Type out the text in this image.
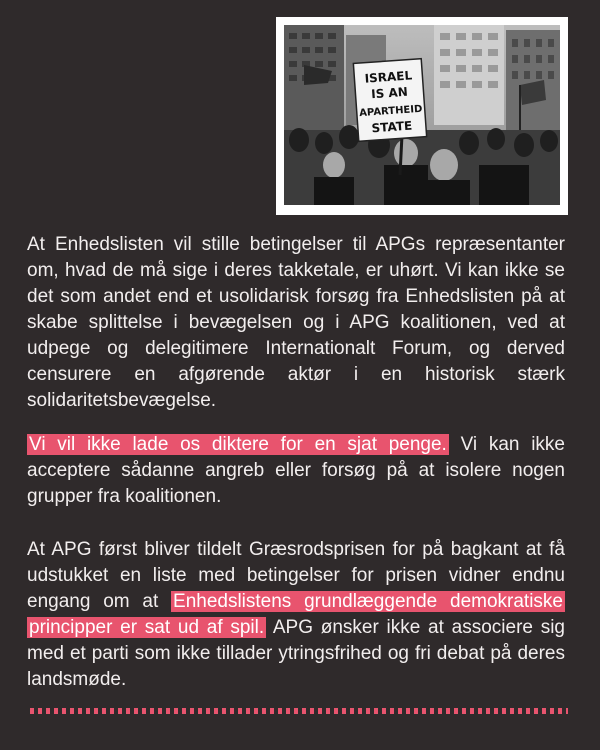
ISRAEL
IS AN
APARTHEID
STATE

At Enhedslisten vil stille betingelser til APGs repræsentanter om, hvad de må sige i deres takketale, er uhørt. Vi kan ikke se det som andet end et usolidarisk forsøg fra Enhedslisten på at skabe splittelse i bevægelsen og i APG koalitionen, ved at udpege og delegitimere Internationalt Forum, og derved censurere en afgørende aktør i en historisk stærk solidaritetsbevægelse.

Vi vil ikke lade os diktere for en sjat penge. Vi kan ikke acceptere sådanne angreb eller forsøg på at isolere nogen grupper fra koalitionen.

At APG først bliver tildelt Græsrodsprisen for på bagkant at få udstukket en liste med betingelser for prisen vidner endnu engang om at Enhedslistens grundlæggende demokratiske principper er sat ud af spil. APG ønsker ikke at associere sig med et parti som ikke tillader ytringsfrihed og fri debat på deres landsmøde.
